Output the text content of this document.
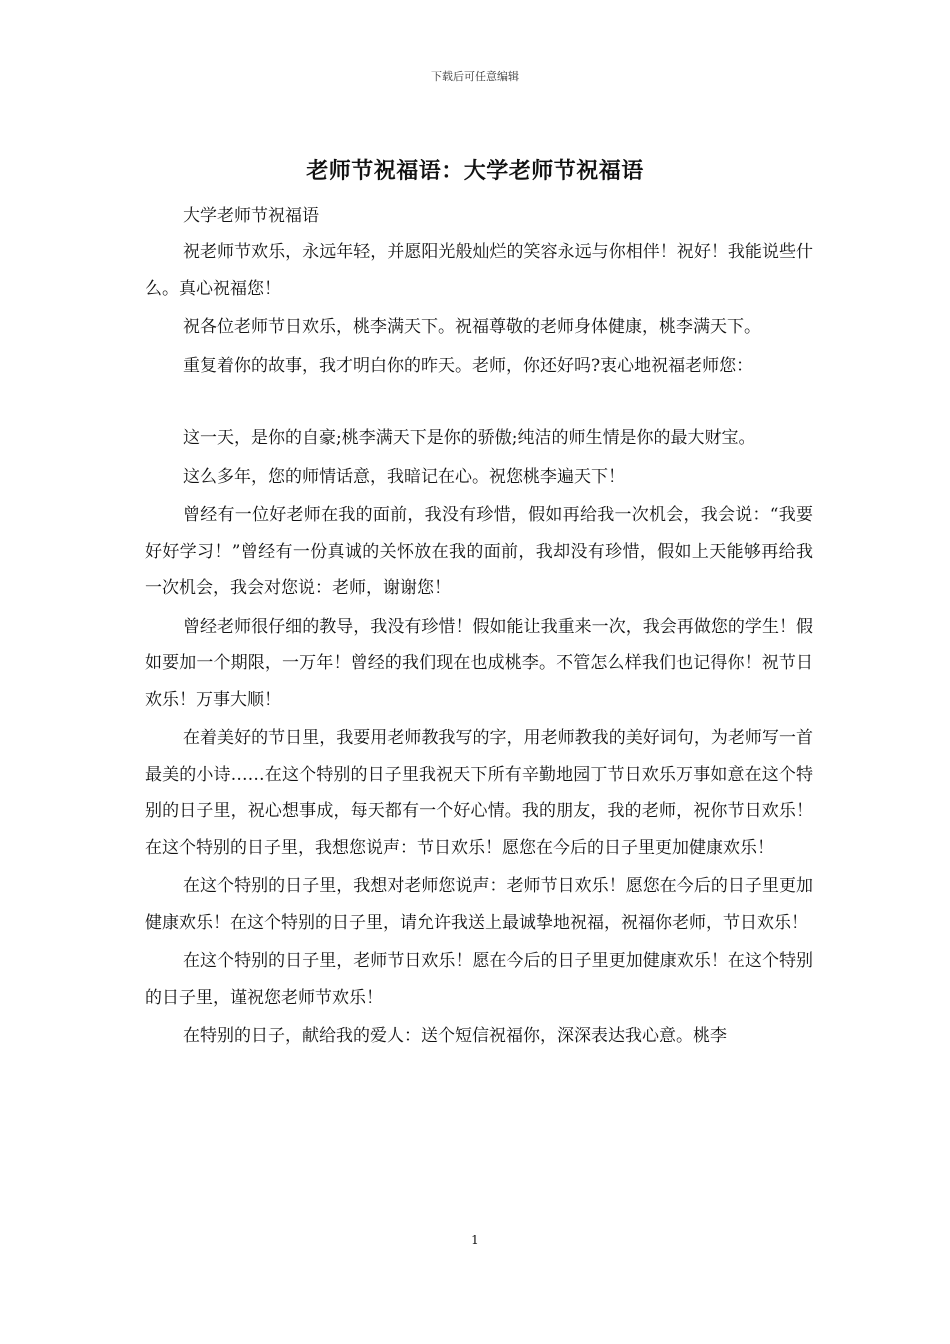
下载后可任意编辑
老师节祝福语：大学老师节祝福语
大学老师节祝福语

祝老师节欢乐，永远年轻，并愿阳光般灿烂的笑容永远与你相伴！祝好！我能说些什么。真心祝福您！

祝各位老师节日欢乐，桃李满天下。祝福尊敬的老师身体健康，桃李满天下。

重复着你的故事，我才明白你的昨天。老师，你还好吗?衷心地祝福老师您：

这一天，是你的自豪;桃李满天下是你的骄傲;纯洁的师生情是你的最大财宝。

这么多年，您的师情话意，我暗记在心。祝您桃李遍天下！

曾经有一位好老师在我的面前，我没有珍惜，假如再给我一次机会，我会说：“我要好好学习！”曾经有一份真诚的关怀放在我的面前，我却没有珍惜，假如上天能够再给我一次机会，我会对您说：老师，谢谢您！

曾经老师很仔细的教导，我没有珍惜！假如能让我重来一次，我会再做您的学生！假如要加一个期限，一万年！曾经的我们现在也成桃李。不管怎么样我们也记得你！祝节日欢乐！万事大顺！

在着美好的节日里，我要用老师教我写的字，用老师教我的美好词句，为老师写一首最美的小诗……在这个特别的日子里我祝天下所有辛勤地园丁节日欢乐万事如意在这个特别的日子里，祝心想事成，每天都有一个好心情。我的朋友，我的老师，祝你节日欢乐！在这个特别的日子里，我想您说声：节日欢乐！愿您在今后的日子里更加健康欢乐！

在这个特别的日子里，我想对老师您说声：老师节日欢乐！愿您在今后的日子里更加健康欢乐！在这个特别的日子里，请允许我送上最诚挚地祝福，祝福你老师，节日欢乐！

在这个特别的日子里，老师节日欢乐！愿在今后的日子里更加健康欢乐！在这个特别的日子里，谨祝您老师节欢乐！

在特别的日子，献给我的爱人：送个短信祝福你，深深表达我心意。桃李

1
